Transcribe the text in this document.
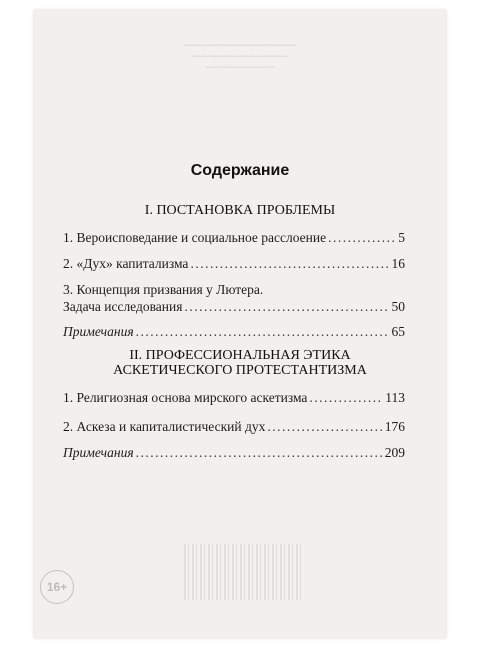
~~~~~~~~~~~~~~~~~~~~~~~~~~
~~~~~~~~~~~~~~~~~~~~~~
~~~~~~~~~~~~~~~~
Содержание
I. ПОСТАНОВКА ПРОБЛЕМЫ
1. Вероисповедание и социальное расслоение .....	5
2. «Дух» капитализма .....	16
3. Концепция призвания у Лютера.
Задача исследования .....	50
Примечания .....	65
II. ПРОФЕССИОНАЛЬНАЯ ЭТИКА
АСКЕТИЧЕСКОГО ПРОТЕСТАНТИЗМА
1. Религиозная основа мирского аскетизма .....	113
2. Аскеза и капиталистический дух .....	176
Примечания .....	209
16+
